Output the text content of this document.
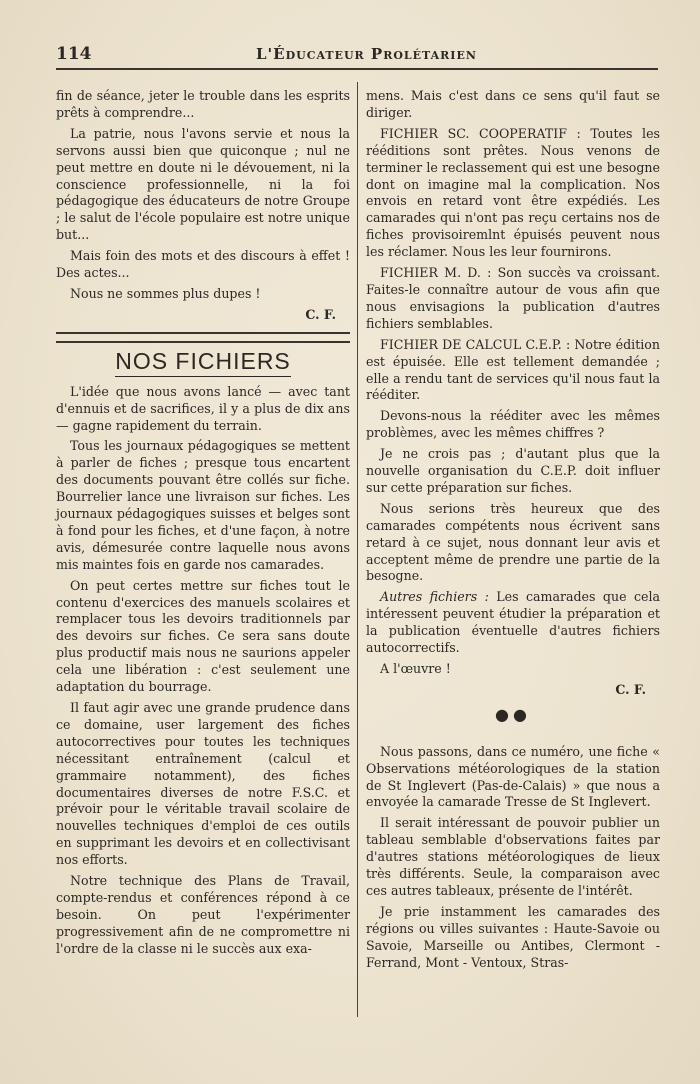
114	L'Éducateur Prolétarien

fin de séance, jeter le trouble dans les esprits prêts à comprendre...

La patrie, nous l'avons servie et nous la servons aussi bien que quiconque ; nul ne peut mettre en doute ni le dévouement, ni la conscience professionnelle, ni la foi pédagogique des éducateurs de notre Groupe ; le salut de l'école populaire est notre unique but...

Mais foin des mots et des discours à effet ! Des actes...

Nous ne sommes plus dupes !

C. F.
NOS FICHIERS

L'idée que nous avons lancé — avec tant d'ennuis et de sacrifices, il y a plus de dix ans — gagne rapidement du terrain.

Tous les journaux pédagogiques se mettent à parler de fiches ; presque tous encartent des documents pouvant être collés sur fiche. Bourrelier lance une livraison sur fiches. Les journaux pédagogiques suisses et belges sont à fond pour les fiches, et d'une façon, à notre avis, démesurée contre laquelle nous avons mis maintes fois en garde nos camarades.

On peut certes mettre sur fiches tout le contenu d'exercices des manuels scolaires et remplacer tous les devoirs traditionnels par des devoirs sur fiches. Ce sera sans doute plus productif mais nous ne saurions appeler cela une libération : c'est seulement une adaptation du bourrage.

Il faut agir avec une grande prudence dans ce domaine, user largement des fiches autocorrectives pour toutes les techniques nécessitant entraînement (calcul et grammaire notamment), des fiches documentaires diverses de notre F.S.C. et prévoir pour le véritable travail scolaire de nouvelles techniques d'emploi de ces outils en supprimant les devoirs et en collectivisant nos efforts.

Notre technique des Plans de Travail, compte-rendus et conférences répond à ce besoin. On peut l'expérimenter progressivement afin de ne compromettre ni l'ordre de la classe ni le succès aux exa-

mens. Mais c'est dans ce sens qu'il faut se diriger.

FICHIER SC. COOPERATIF : Toutes les rééditions sont prêtes. Nous venons de terminer le reclassement qui est une besogne dont on imagine mal la complication. Nos envois en retard vont être expédiés. Les camarades qui n'ont pas reçu certains nos de fiches provisoiremlnt épuisés peuvent nous les réclamer. Nous les leur fournirons.

FICHIER M. D. : Son succès va croissant. Faites-le connaître autour de vous afin que nous envisagions la publication d'autres fichiers semblables.

FICHIER DE CALCUL C.E.P. : Notre édition est épuisée. Elle est tellement demandée ; elle a rendu tant de services qu'il nous faut la rééditer.

Devons-nous la rééditer avec les mêmes problèmes, avec les mêmes chiffres ?

Je ne crois pas ; d'autant plus que la nouvelle organisation du C.E.P. doit influer sur cette préparation sur fiches.

Nous serions très heureux que des camarades compétents nous écrivent sans retard à ce sujet, nous donnant leur avis et acceptent même de prendre une partie de la besogne.

Autres fichiers : Les camarades que cela intéressent peuvent étudier la préparation et la publication éventuelle d'autres fichiers autocorrectifs.

A l'œuvre !

C. F.
●●

Nous passons, dans ce numéro, une fiche « Observations météorologiques de la station de St Inglevert (Pas-de-Calais) » que nous a envoyée la camarade Tresse de St Inglevert.

Il serait intéressant de pouvoir publier un tableau semblable d'observations faites par d'autres stations météorologiques de lieux très différents. Seule, la comparaison avec ces autres tableaux, présente de l'intérêt.

Je prie instamment les camarades des régions ou villes suivantes : Haute-Savoie ou Savoie, Marseille ou Antibes, Clermont - Ferrand, Mont - Ventoux, Stras-
